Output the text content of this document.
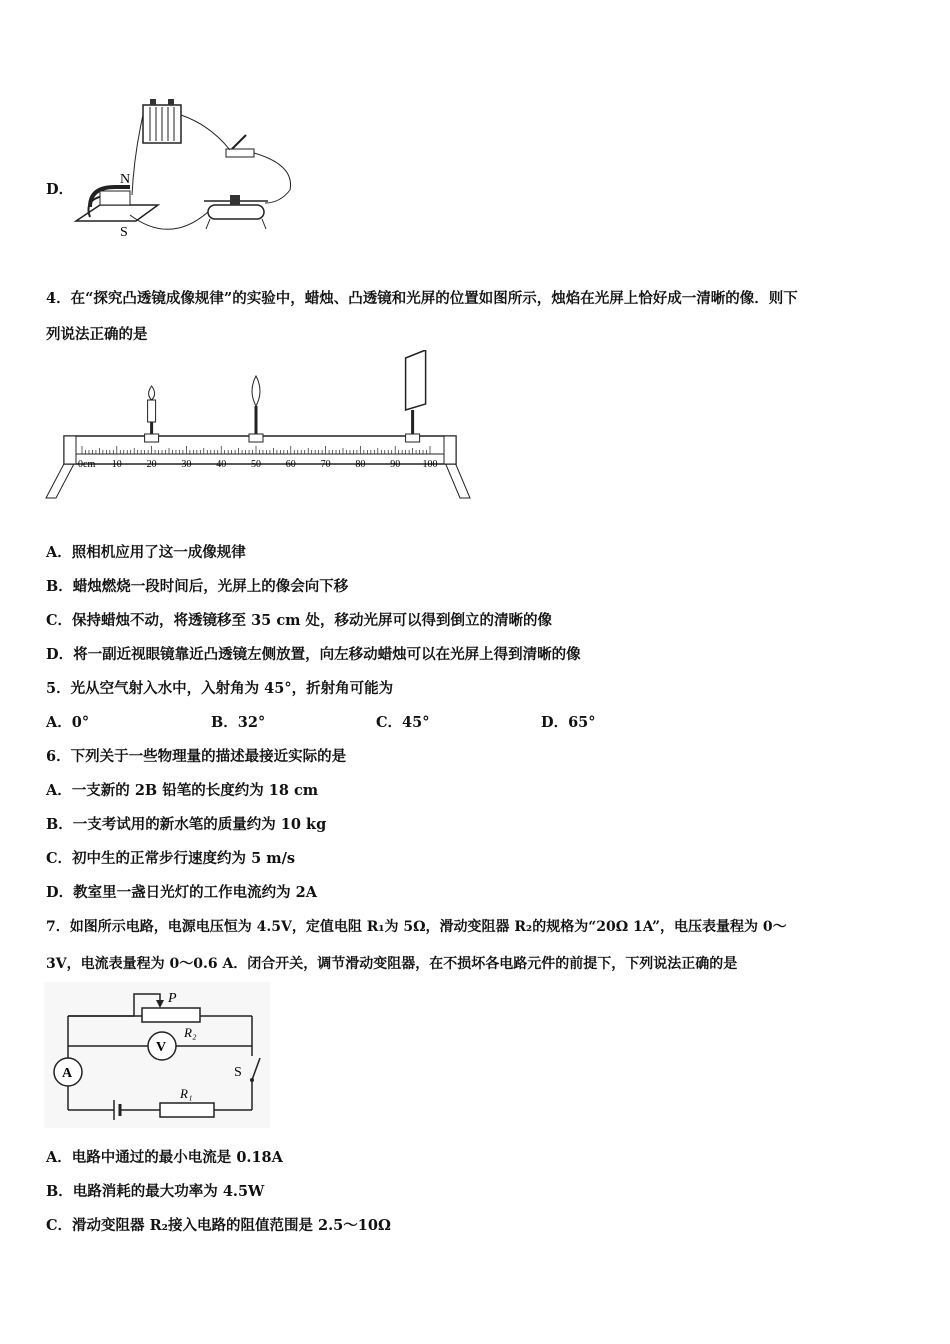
D．
N
S
4．在“探究凸透镜成像规律”的实验中，蜡烛、凸透镜和光屏的位置如图所示，烛焰在光屏上恰好成一清晰的像．则下
列说法正确的是
0cm 10 20 30 40 50 60 70 80 90 100
A．照相机应用了这一成像规律
B．蜡烛燃烧一段时间后，光屏上的像会向下移
C．保持蜡烛不动，将透镜移至 35 cm 处，移动光屏可以得到倒立的清晰的像
D．将一副近视眼镜靠近凸透镜左侧放置，向左移动蜡烛可以在光屏上得到清晰的像
5．光从空气射入水中，入射角为 45°，折射角可能为
A．0°	B．32°	C．45°	D．65°
6．下列关于一些物理量的描述最接近实际的是
A．一支新的 2B 铅笔的长度约为 18 cm
B．一支考试用的新水笔的质量约为 10 kg
C．初中生的正常步行速度约为 5 m/s
D．教室里一盏日光灯的工作电流约为 2A
7．如图所示电路，电源电压恒为 4.5V，定值电阻 R₁为 5Ω，滑动变阻器 R₂的规格为“20Ω 1A”，电压表量程为 0～
3V，电流表量程为 0～0.6 A．闭合开关，调节滑动变阻器，在不损坏各电路元件的前提下，下列说法正确的是
P
R₂
V
A	S
R₁
A．电路中通过的最小电流是 0.18A
B．电路消耗的最大功率为 4.5W
C．滑动变阻器 R₂接入电路的阻值范围是 2.5～10Ω
